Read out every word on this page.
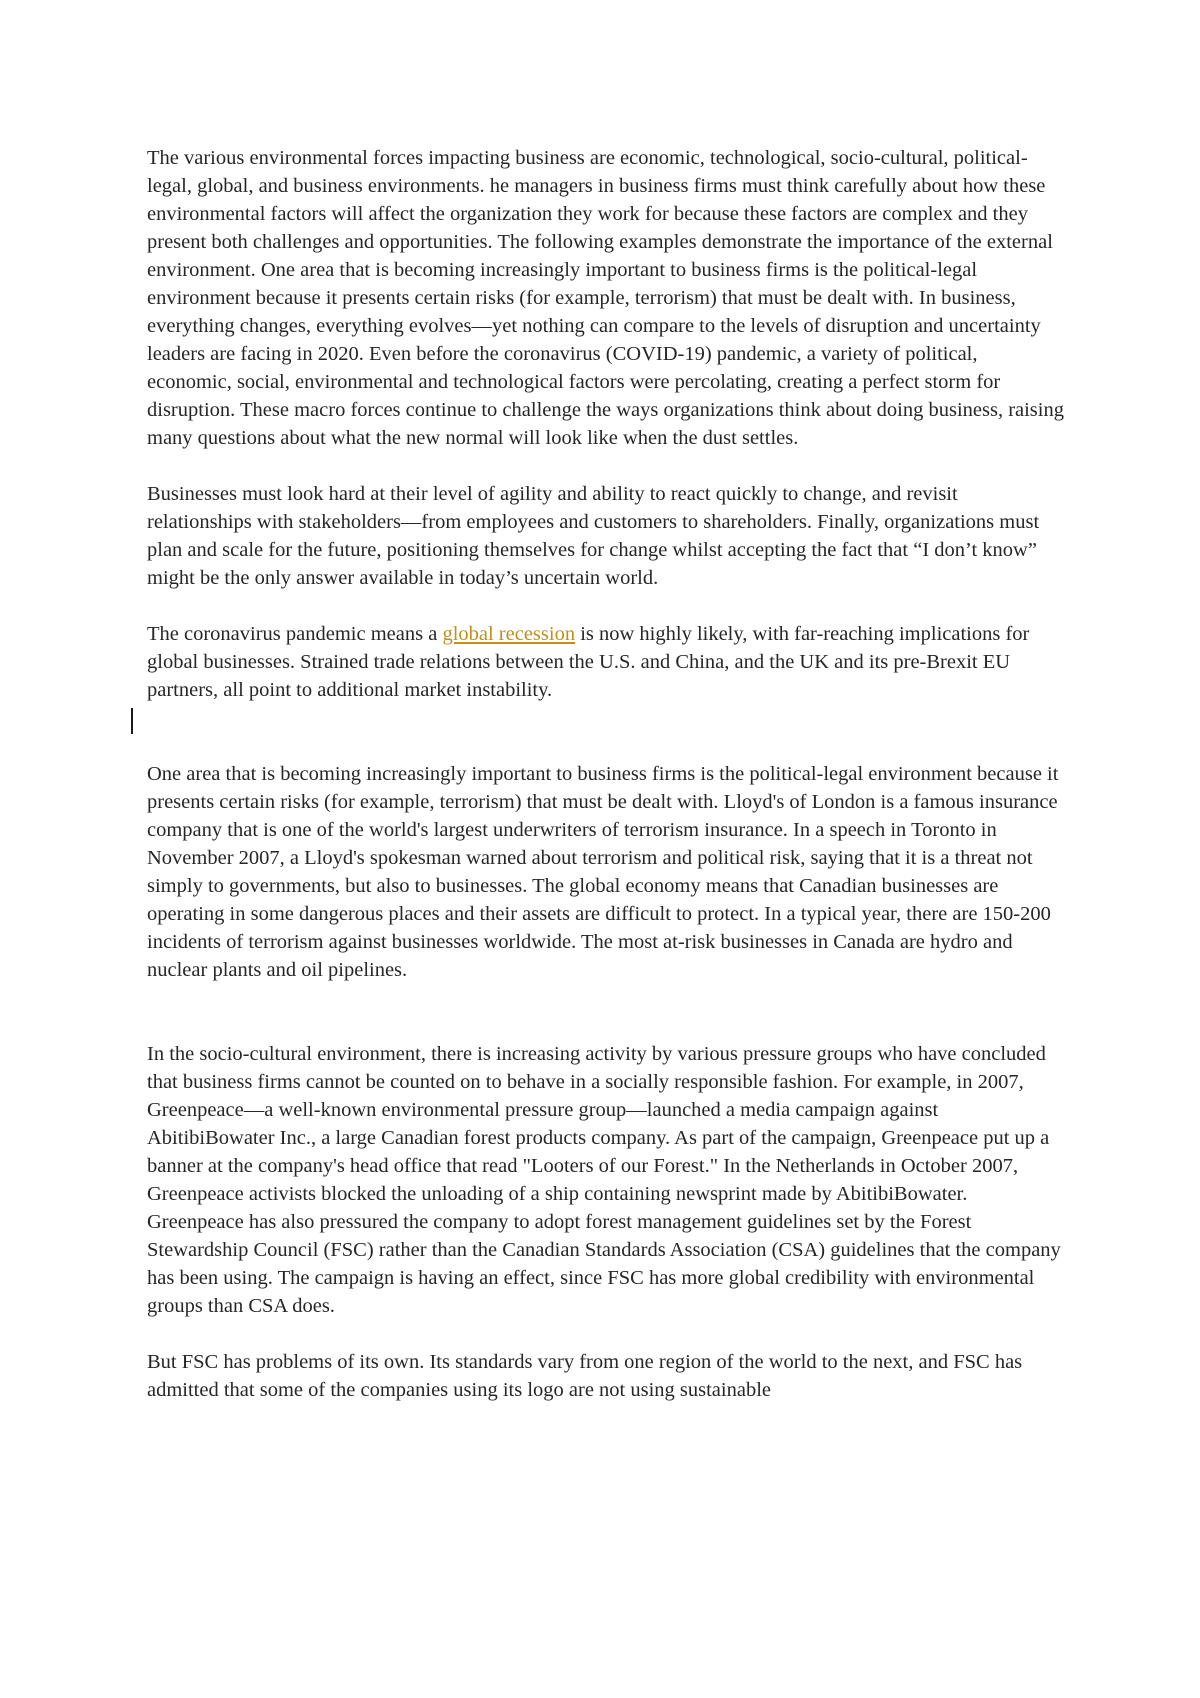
The various environmental forces impacting business are economic, technological, socio-cultural, political-legal, global, and business environments. he managers in business firms must think carefully about how these environmental factors will affect the organization they work for because these factors are complex and they present both challenges and opportunities. The following examples demonstrate the importance of the external environment. One area that is becoming increasingly important to business firms is the political-legal environment because it presents certain risks (for example, terrorism) that must be dealt with. In business, everything changes, everything evolves—yet nothing can compare to the levels of disruption and uncertainty leaders are facing in 2020. Even before the coronavirus (COVID-19) pandemic, a variety of political, economic, social, environmental and technological factors were percolating, creating a perfect storm for disruption. These macro forces continue to challenge the ways organizations think about doing business, raising many questions about what the new normal will look like when the dust settles.

Businesses must look hard at their level of agility and ability to react quickly to change, and revisit relationships with stakeholders—from employees and customers to shareholders. Finally, organizations must plan and scale for the future, positioning themselves for change whilst accepting the fact that “I don’t know” might be the only answer available in today’s uncertain world.

The coronavirus pandemic means a global recession is now highly likely, with far-reaching implications for global businesses. Strained trade relations between the U.S. and China, and the UK and its pre-Brexit EU partners, all point to additional market instability.

One area that is becoming increasingly important to business firms is the political-legal environment because it presents certain risks (for example, terrorism) that must be dealt with. Lloyd's of London is a famous insurance company that is one of the world's largest underwriters of terrorism insurance. In a speech in Toronto in November 2007, a Lloyd's spokesman warned about terrorism and political risk, saying that it is a threat not simply to governments, but also to businesses. The global economy means that Canadian businesses are operating in some dangerous places and their assets are difficult to protect. In a typical year, there are 150-200 incidents of terrorism against businesses worldwide. The most at-risk businesses in Canada are hydro and nuclear plants and oil pipelines.

In the socio-cultural environment, there is increasing activity by various pressure groups who have concluded that business firms cannot be counted on to behave in a socially responsible fashion. For example, in 2007, Greenpeace—a well-known environmental pressure group—launched a media campaign against AbitibiBowater Inc., a large Canadian forest products company. As part of the campaign, Greenpeace put up a banner at the company's head office that read "Looters of our Forest." In the Netherlands in October 2007, Greenpeace activists blocked the unloading of a ship containing newsprint made by AbitibiBowater. Greenpeace has also pressured the company to adopt forest management guidelines set by the Forest Stewardship Council (FSC) rather than the Canadian Standards Association (CSA) guidelines that the company has been using. The campaign is having an effect, since FSC has more global credibility with environmental groups than CSA does.

But FSC has problems of its own. Its standards vary from one region of the world to the next, and FSC has admitted that some of the companies using its logo are not using sustainable
